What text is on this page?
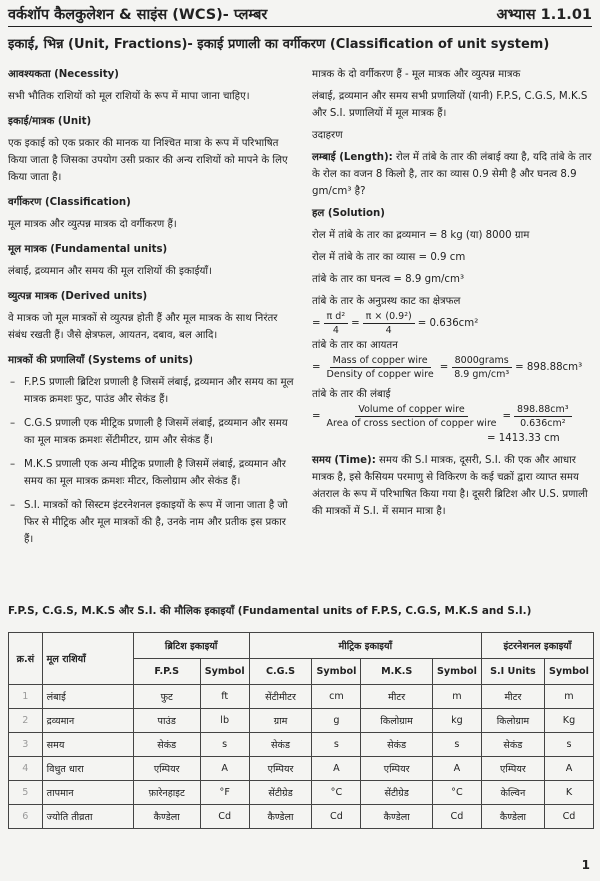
वर्कशॉप कैलकुलेशन & साइंस (WCS)- प्लम्बर	अभ्यास 1.1.01
इकाई, भिन्न (Unit, Fractions)- इकाई प्रणाली का वर्गीकरण (Classification of unit system)

आवश्यकता (Necessity)

सभी भौतिक राशियों को मूल राशियों के रूप में मापा जाना चाहिए।

इकाई/मात्रक (Unit)

एक इकाई को एक प्रकार की मानक या निश्चित मात्रा के रूप में परिभाषित किया जाता है जिसका उपयोग उसी प्रकार की अन्य राशियों को मापने के लिए किया जाता है।

वर्गीकरण (Classification)

मूल मात्रक और व्युत्पन्न मात्रक दो वर्गीकरण हैं।

मूल मात्रक (Fundamental units)

लंबाई, द्रव्यमान और समय की मूल राशियों की इकाईयाँ।

व्युत्पन्न मात्रक (Derived units)

वे मात्रक जो मूल मात्रकों से व्युत्पन्न होती हैं और मूल मात्रक के साथ निरंतर संबंध रखती हैं। जैसे क्षेत्रफल, आयतन, दबाव, बल आदि।

मात्रकों की प्रणालियाँ (Systems of units)

– F.P.S प्रणाली ब्रिटिश प्रणाली है जिसमें लंबाई, द्रव्यमान और समय का मूल मात्रक क्रमशः फुट, पाउंड और सेकंड हैं।
– C.G.S प्रणाली एक मीट्रिक प्रणाली है जिसमें लंबाई, द्रव्यमान और समय का मूल मात्रक क्रमशः सेंटीमीटर, ग्राम और सेकंड हैं।
– M.K.S प्रणाली एक अन्य मीट्रिक प्रणाली है जिसमें लंबाई, द्रव्यमान और समय का मूल मात्रक क्रमशः मीटर, किलोग्राम और सेकंड हैं।
– S.I. मात्रकों को सिस्टम इंटरनेशनल इकाइयों के रूप में जाना जाता है जो फिर से मीट्रिक और मूल मात्रकों की है, उनके नाम और प्रतीक इस प्रकार हैं।

मात्रक के दो वर्गीकरण हैं - मूल मात्रक और व्युत्पन्न मात्रक

लंबाई, द्रव्यमान और समय सभी प्रणालियों (यानी) F.P.S, C.G.S, M.K.S और S.I. प्रणालियों में मूल मात्रक हैं।

उदाहरण

लम्बाई (Length): रोल में तांबे के तार की लंबाई क्या है, यदि तांबे के तार के रोल का वजन 8 किलो है, तार का व्यास 0.9 सेमी है और घनत्व 8.9 gm/cm³ है?

हल (Solution)

रोल में तांबे के तार का द्रव्यमान = 8 kg (या) 8000 ग्राम

रोल में तांबे के तार का व्यास = 0.9 cm

तांबे के तार का घनत्व = 8.9 gm/cm³

तांबे के तार के अनुप्रस्थ काट का क्षेत्रफल

= $\frac{\text{π d²}}{4} = \frac{\text{π × (0.9²)}}{4} = 0.636cm^2$

तांबे के तार का आयतन

= $\frac{\text{Mass of copper wire}}{\text{Density of copper wire}} = \frac{\text{8000grams}}{\text{8.9 gm/cm³}} = 898.88cm^3$

तांबे के तार की लंबाई

= $\frac{\text{Volume of copper wire}}{\text{Area of cross section of copper wire}} = \frac{\text{898.88cm³}}{\text{0.636cm²}}$

= 1413.33 cm

समय (Time): समय की S.I मात्रक, दूसरी, S.I. की एक और आधार मात्रक है, इसे कैसियम परमाणु से विकिरण के कई चक्रों द्वारा व्याप्त समय अंतराल के रूप में परिभाषित किया गया है। दूसरी ब्रिटिश और U.S. प्रणाली की मात्रकों में S.I. में समान मात्रा है।

F.P.S, C.G.S, M.K.S और S.I. की मौलिक इकाइयाँ (Fundamental units of F.P.S, C.G.S, M.K.S and S.I.)
क्र.सं	मूल राशियाँ	ब्रिटिश इकाइयाँ		मीट्रिक इकाइयाँ				इंटरनेशनल इकाइयाँ	
		F.P.S	Symbol	C.G.S	Symbol	M.K.S	Symbol	S.I Units	Symbol
1	लंबाई	फुट	ft	सेंटीमीटर	cm	मीटर	m	मीटर	m
2	द्रव्यमान	पाउंड	lb	ग्राम	g	किलोग्राम	kg	किलोग्राम	Kg
3	समय	सेकंड	s	सेकंड	s	सेकंड	s	सेकंड	s
4	विधुत धारा	एम्पियर	A	एम्पियर	A	एम्पियर	A	एम्पियर	A
5	तापमान	फ़ारेनहाइट	°F	सेंटीग्रेड	°C	सेंटीग्रेड	°C	केल्विन	K
6	ज्योति तीव्रता	कैण्डेला	Cd	कैण्डेला	Cd	कैण्डेला	Cd	कैण्डेला	Cd
1
